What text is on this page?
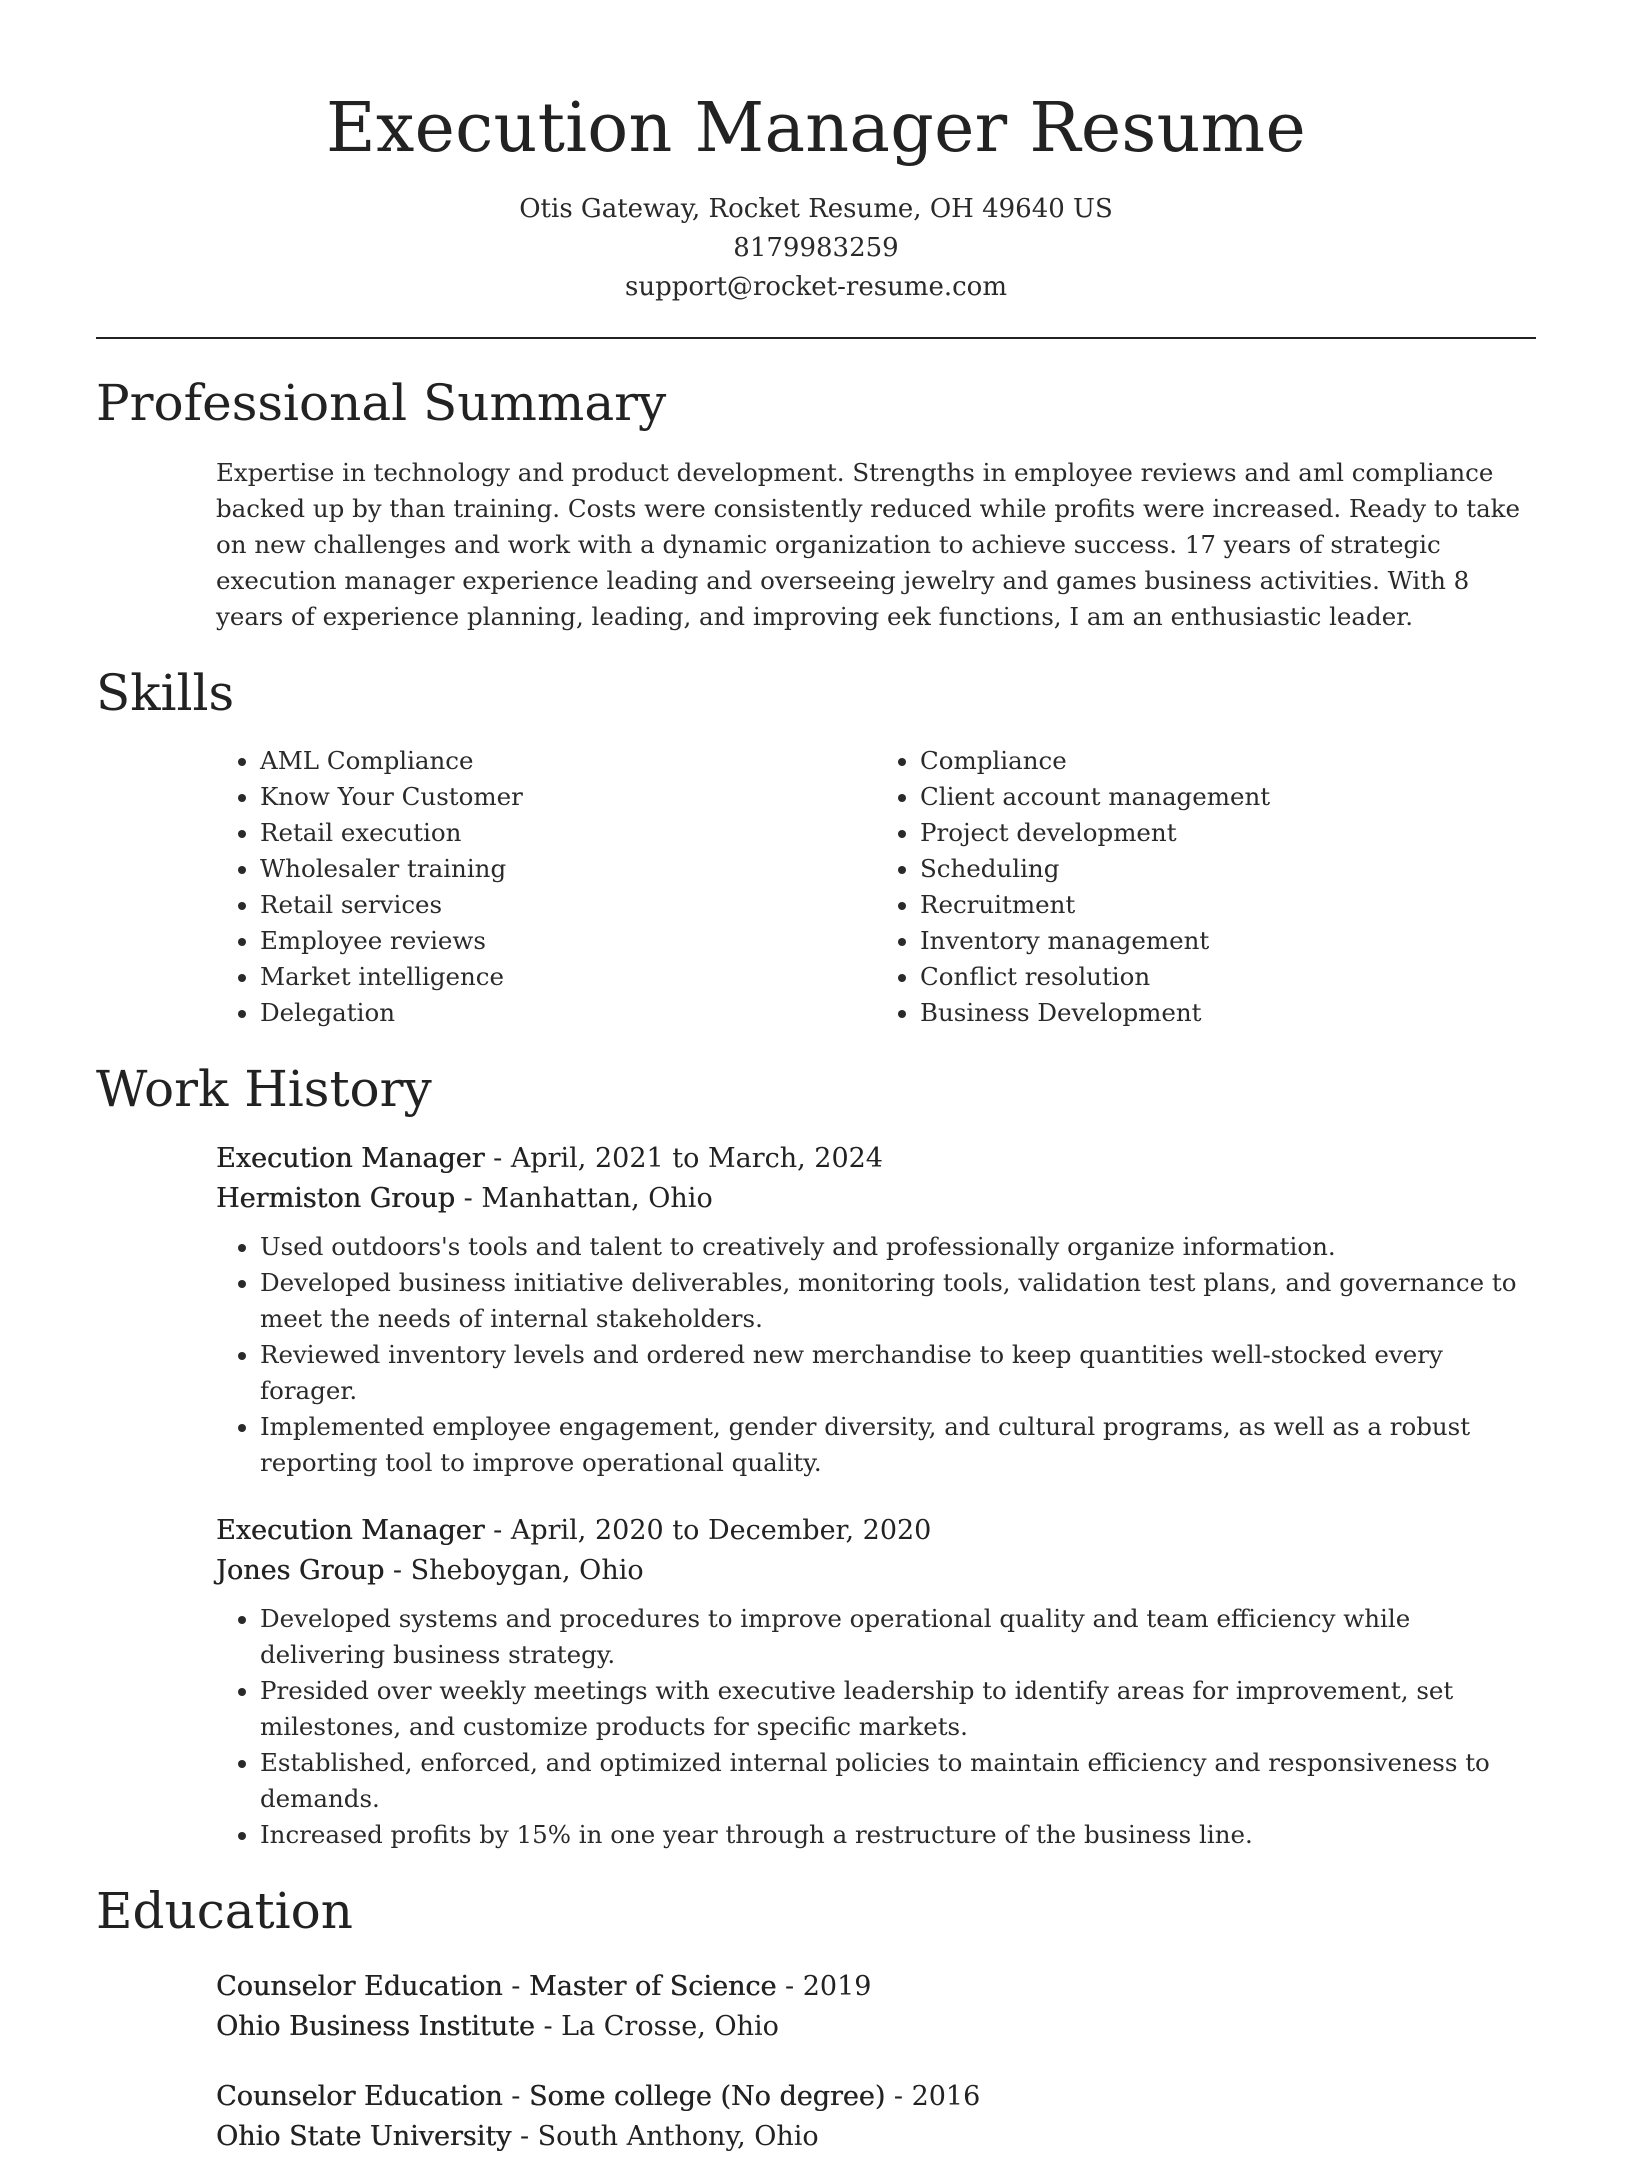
Execution Manager Resume
Otis Gateway, Rocket Resume, OH 49640 US
8179983259
support@rocket-resume.com
Professional Summary

Expertise in technology and product development. Strengths in employee reviews and aml compliance backed up by than training. Costs were consistently reduced while profits were increased. Ready to take on new challenges and work with a dynamic organization to achieve success. 17 years of strategic execution manager experience leading and overseeing jewelry and games business activities. With 8 years of experience planning, leading, and improving eek functions, I am an enthusiastic leader.

Skills
• AML Compliance
• Know Your Customer
• Retail execution
• Wholesaler training
• Retail services
• Employee reviews
• Market intelligence
• Delegation
• Compliance
• Client account management
• Project development
• Scheduling
• Recruitment
• Inventory management
• Conflict resolution
• Business Development
Work History
Execution Manager - April, 2021 to March, 2024
Hermiston Group - Manhattan, Ohio
• Used outdoors's tools and talent to creatively and professionally organize information.
• Developed business initiative deliverables, monitoring tools, validation test plans, and governance to meet the needs of internal stakeholders.
• Reviewed inventory levels and ordered new merchandise to keep quantities well-stocked every forager.
• Implemented employee engagement, gender diversity, and cultural programs, as well as a robust reporting tool to improve operational quality.
Execution Manager - April, 2020 to December, 2020
Jones Group - Sheboygan, Ohio
• Developed systems and procedures to improve operational quality and team efficiency while delivering business strategy.
• Presided over weekly meetings with executive leadership to identify areas for improvement, set milestones, and customize products for specific markets.
• Established, enforced, and optimized internal policies to maintain efficiency and responsiveness to demands.
• Increased profits by 15% in one year through a restructure of the business line.
Education
Counselor Education - Master of Science - 2019
Ohio Business Institute - La Crosse, Ohio
Counselor Education - Some college (No degree) - 2016
Ohio State University - South Anthony, Ohio
